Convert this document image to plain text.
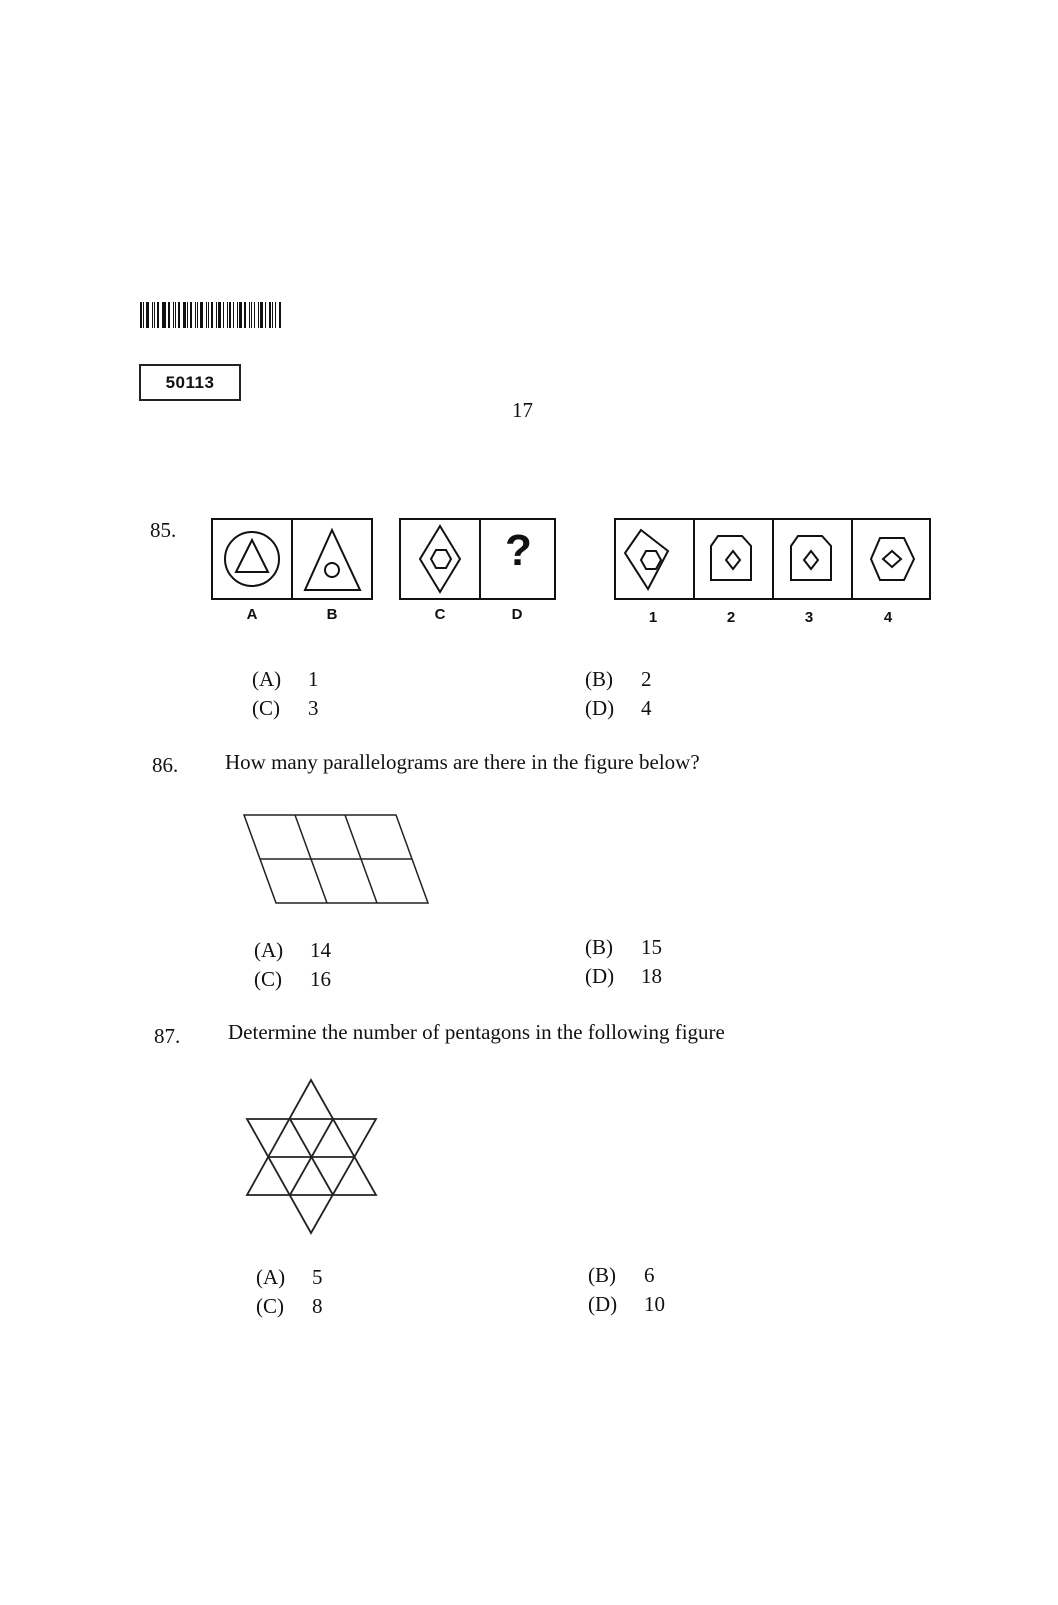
50113
17
85.	?
A	B	C	D	1	2	3	4
(A) 1	(B) 2
(C) 3	(D) 4
86. How many parallelograms are there in the figure below?
(A) 14	(B) 15
(C) 16	(D) 18
87. Determine the number of pentagons in the following figure
(A) 5	(B) 6
(C) 8	(D) 10
